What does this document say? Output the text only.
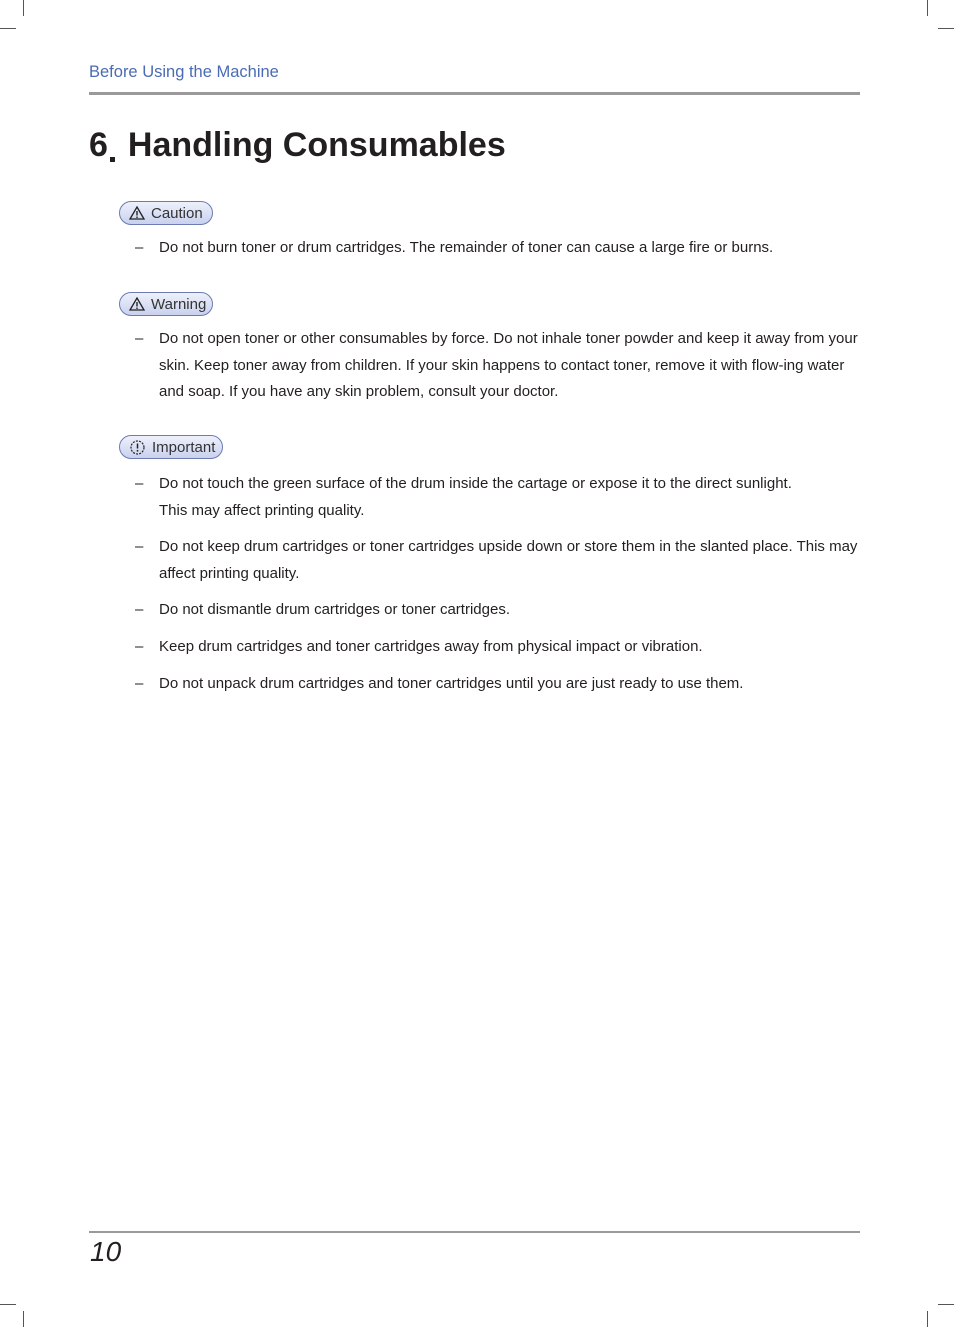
Before Using the Machine
6 Handling Consumables
Caution
– Do not burn toner or drum cartridges. The remainder of toner can cause a large fire or burns.
Warning
– Do not open toner or other consumables by force. Do not inhale toner powder and keep it away from your skin. Keep toner away from children. If your skin happens to contact toner, remove it with flow-ing water and soap. If you have any skin problem, consult your doctor.
Important
– Do not touch the green surface of the drum inside the cartage or expose it to the direct sunlight.
This may affect printing quality.
– Do not keep drum cartridges or toner cartridges upside down or store them in the slanted place. This may affect printing quality.
– Do not dismantle drum cartridges or toner cartridges.
– Keep drum cartridges and toner cartridges away from physical impact or vibration.
– Do not unpack drum cartridges and toner cartridges until you are just ready to use them.
10
